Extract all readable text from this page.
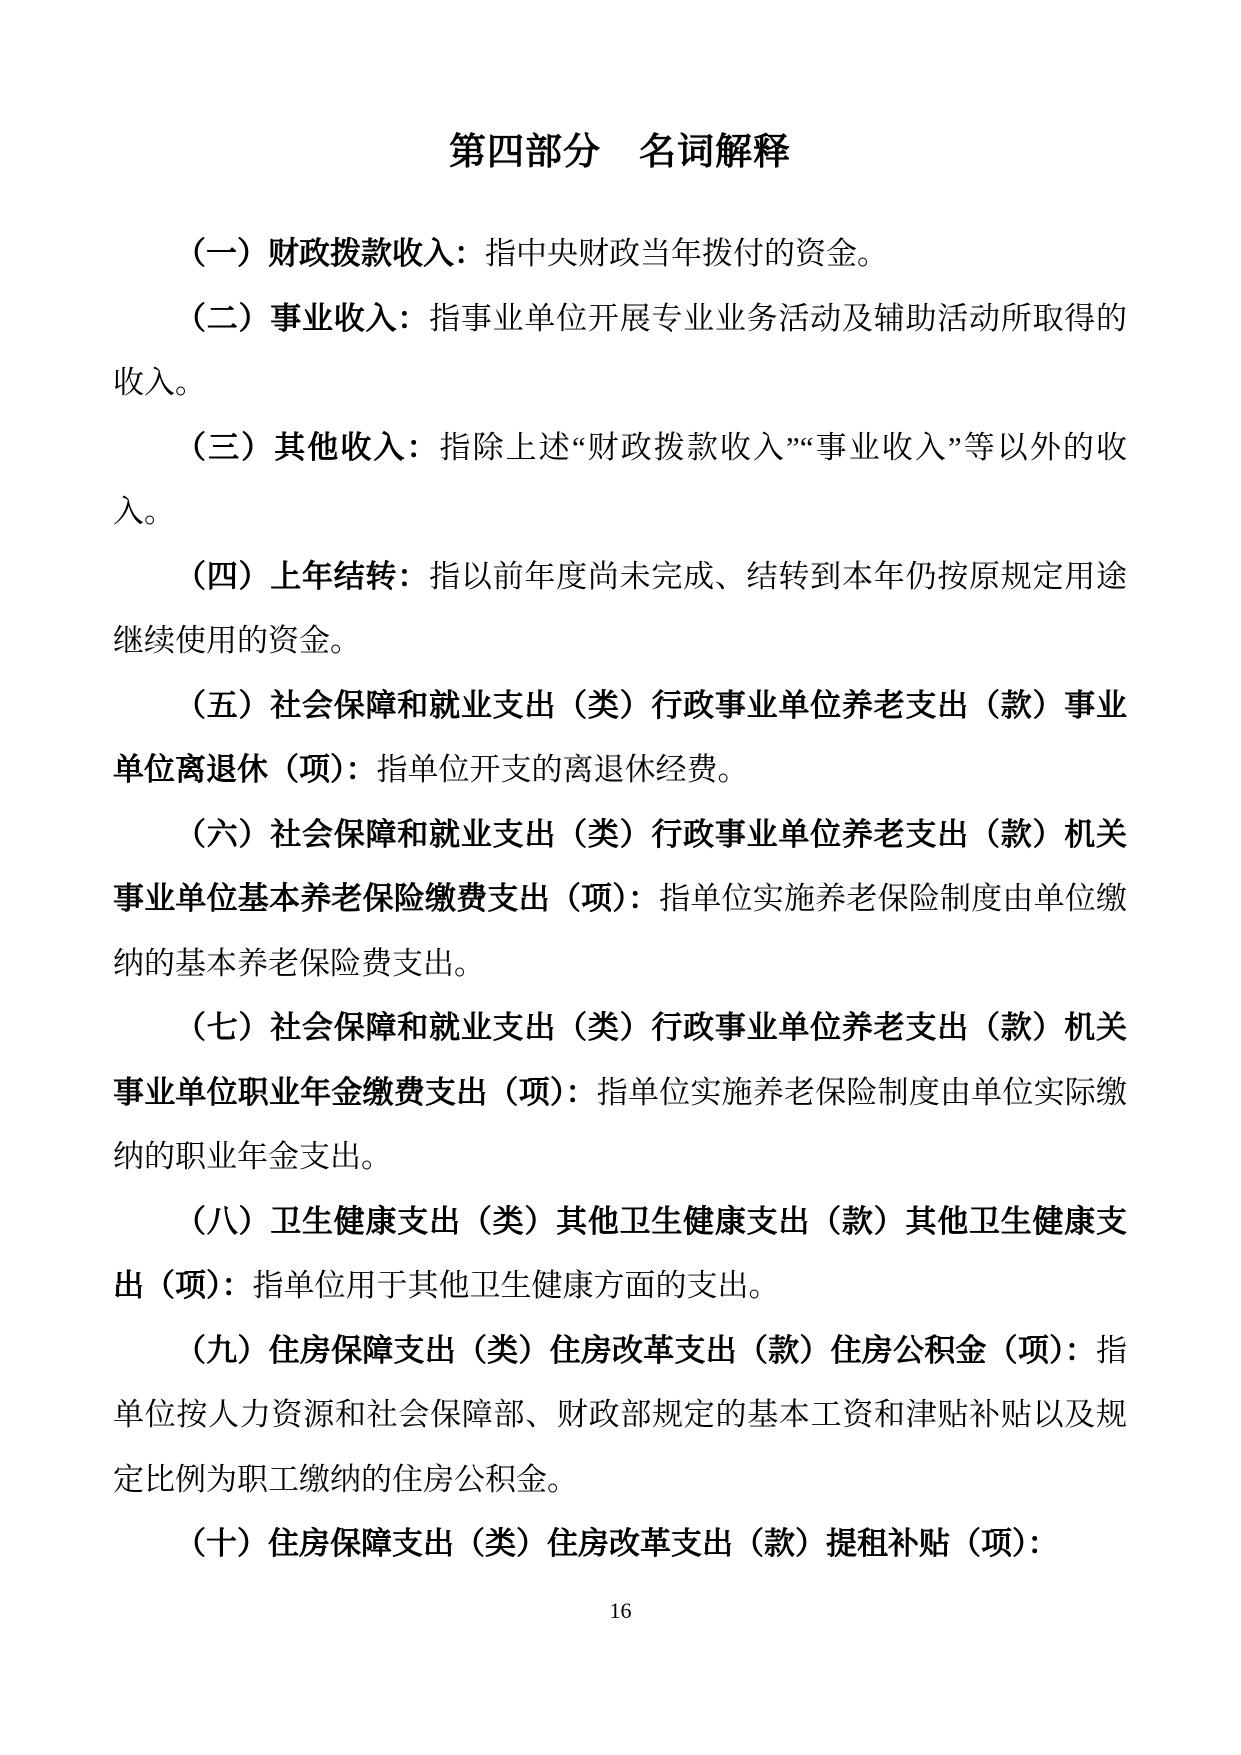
第四部分　名词解释

（一）财政拨款收入：指中央财政当年拨付的资金。

（二）事业收入：指事业单位开展专业业务活动及辅助活动所取得的收入。

（三）其他收入：指除上述“财政拨款收入”“事业收入”等以外的收入。

（四）上年结转：指以前年度尚未完成、结转到本年仍按原规定用途继续使用的资金。

（五）社会保障和就业支出（类）行政事业单位养老支出（款）事业单位离退休（项）：指单位开支的离退休经费。

（六）社会保障和就业支出（类）行政事业单位养老支出（款）机关事业单位基本养老保险缴费支出（项）：指单位实施养老保险制度由单位缴纳的基本养老保险费支出。

（七）社会保障和就业支出（类）行政事业单位养老支出（款）机关事业单位职业年金缴费支出（项）：指单位实施养老保险制度由单位实际缴纳的职业年金支出。

（八）卫生健康支出（类）其他卫生健康支出（款）其他卫生健康支出（项）：指单位用于其他卫生健康方面的支出。

（九）住房保障支出（类）住房改革支出（款）住房公积金（项）：指单位按人力资源和社会保障部、财政部规定的基本工资和津贴补贴以及规定比例为职工缴纳的住房公积金。

（十）住房保障支出（类）住房改革支出（款）提租补贴（项）：

16
